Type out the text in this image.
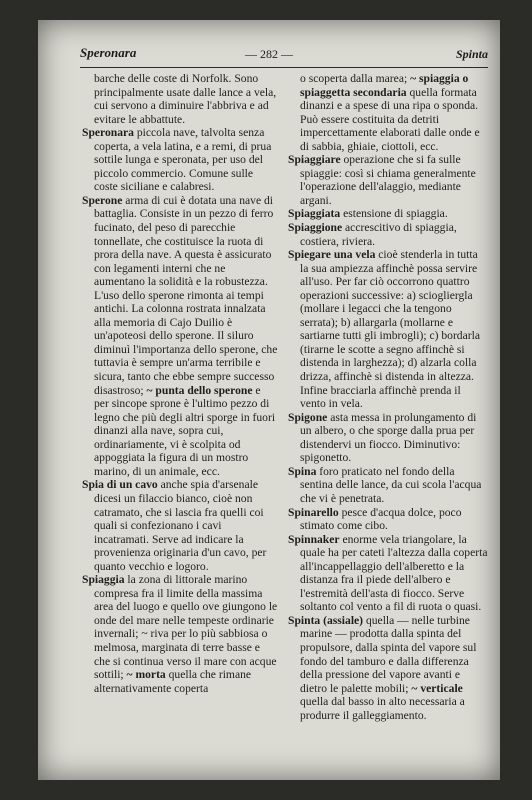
Speronara	— 282 —	Spinta

barche delle coste di Norfolk. Sono principalmente usate dalle lance a vela, cui servono a diminuire l'abbriva e ad evitare le abbattute.

Speronara piccola nave, talvolta senza coperta, a vela latina, e a remi, di prua sottile lunga e speronata, per uso del piccolo commercio. Comune sulle coste siciliane e calabresi.

Sperone arma di cui è dotata una nave di battaglia. Consiste in un pezzo di ferro fucinato, del peso di parecchie tonnellate, che costituisce la ruota di prora della nave. A questa è assicurato con legamenti interni che ne aumentano la solidità e la robustezza. L'uso dello sperone rimonta ai tempi antichi. La colonna rostrata innalzata alla memoria di Cajo Duilio è un'apoteosi dello sperone. Il siluro diminuì l'importanza dello sperone, che tuttavia è sempre un'arma terribile e sicura, tanto che ebbe sempre successo disastroso; ~ punta dello sperone e per sincope sprone è l'ultimo pezzo di legno che più degli altri sporge in fuori dinanzi alla nave, sopra cui, ordinariamente, vi è scolpita od appoggiata la figura di un mostro marino, di un animale, ecc.

Spia di un cavo anche spia d'arsenale dicesi un filaccio bianco, cioè non catramato, che si lascia fra quelli coi quali si confezionano i cavi incatramati. Serve ad indicare la provenienza originaria d'un cavo, per quanto vecchio e logoro.

Spiaggia la zona di littorale marino compresa fra il limite della massima area del luogo e quello ove giungono le onde del mare nelle tempeste ordinarie invernali; ~ riva per lo più sabbiosa o melmosa, marginata di terre basse e che si continua verso il mare con acque sottili; ~ morta quella che rimane alternativamente coperta

o scoperta dalla marea; ~ spiaggia o spiaggetta secondaria quella formata dinanzi e a spese di una ripa o sponda. Può essere costituita da detriti impercettamente elaborati dalle onde e di sabbia, ghiaie, ciottoli, ecc.

Spiaggiare operazione che si fa sulle spiaggie: così si chiama generalmente l'operazione dell'alaggio, mediante argani.

Spiaggiata estensione di spiaggia.

Spiaggione accrescitivo di spiaggia, costiera, riviera.

Spiegare una vela cioè stenderla in tutta la sua ampiezza affinchè possa servire all'uso. Per far ciò occorrono quattro operazioni successive: a) sciogliergla (mollare i legacci che la tengono serrata); b) allargarla (mollarne e sartiarne tutti gli imbrogli); c) bordarla (tirarne le scotte a segno affinchè si distenda in larghezza); d) alzarla colla drizza, affinchè si distenda in altezza. Infine bracciarla affinchè prenda il vento in vela.

Spigone asta messa in prolungamento di un albero, o che sporge dalla prua per distendervi un fiocco. Diminutivo: spigonetto.

Spina foro praticato nel fondo della sentina delle lance, da cui scola l'acqua che vi è penetrata.

Spinarello pesce d'acqua dolce, poco stimato come cibo.

Spinnaker enorme vela triangolare, la quale ha per cateti l'altezza dalla coperta all'incappellaggio dell'alberetto e la distanza fra il piede dell'albero e l'estremità dell'asta di fiocco. Serve soltanto col vento a fil di ruota o quasi.

Spinta (assiale) quella — nelle turbine marine — prodotta dalla spinta del propulsore, dalla spinta del vapore sul fondo del tamburo e dalla differenza della pressione del vapore avanti e dietro le palette mobili; ~ verticale quella dal basso in alto necessaria a produrre il galleggiamento.
